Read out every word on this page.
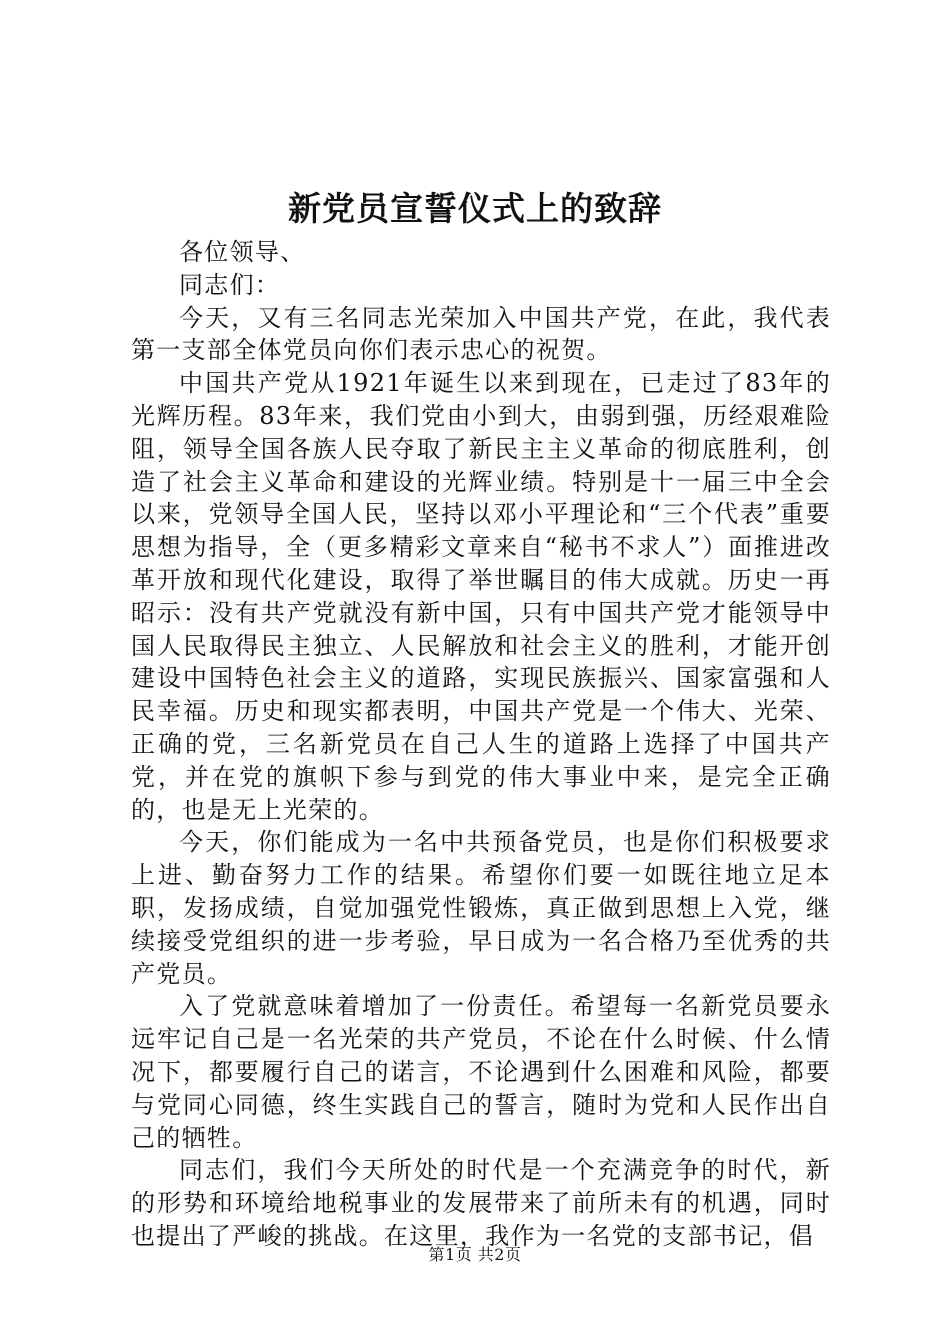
新党员宣誓仪式上的致辞

各位领导、

同志们：

今天，又有三名同志光荣加入中国共产党，在此，我代表第一支部全体党员向你们表示忠心的祝贺。

中国共产党从1921年诞生以来到现在，已走过了83年的光辉历程。83年来，我们党由小到大，由弱到强，历经艰难险阻，领导全国各族人民夺取了新民主主义革命的彻底胜利，创造了社会主义革命和建设的光辉业绩。特别是十一届三中全会以来，党领导全国人民，坚持以邓小平理论和“三个代表”重要思想为指导，全（更多精彩文章来自“秘书不求人”）面推进改革开放和现代化建设，取得了举世瞩目的伟大成就。历史一再昭示：没有共产党就没有新中国，只有中国共产党才能领导中国人民取得民主独立、人民解放和社会主义的胜利，才能开创建设中国特色社会主义的道路，实现民族振兴、国家富强和人民幸福。历史和现实都表明，中国共产党是一个伟大、光荣、正确的党，三名新党员在自己人生的道路上选择了中国共产党，并在党的旗帜下参与到党的伟大事业中来，是完全正确的，也是无上光荣的。

今天，你们能成为一名中共预备党员，也是你们积极要求上进、勤奋努力工作的结果。希望你们要一如既往地立足本职，发扬成绩，自觉加强党性锻炼，真正做到思想上入党，继续接受党组织的进一步考验，早日成为一名合格乃至优秀的共产党员。

入了党就意味着增加了一份责任。希望每一名新党员要永远牢记自己是一名光荣的共产党员，不论在什么时候、什么情况下，都要履行自己的诺言，不论遇到什么困难和风险，都要与党同心同德，终生实践自己的誓言，随时为党和人民作出自己的牺牲。

同志们，我们今天所处的时代是一个充满竞争的时代，新的形势和环境给地税事业的发展带来了前所未有的机遇，同时也提出了严峻的挑战。在这里，我作为一名党的支部书记，倡

第1页 共2页
